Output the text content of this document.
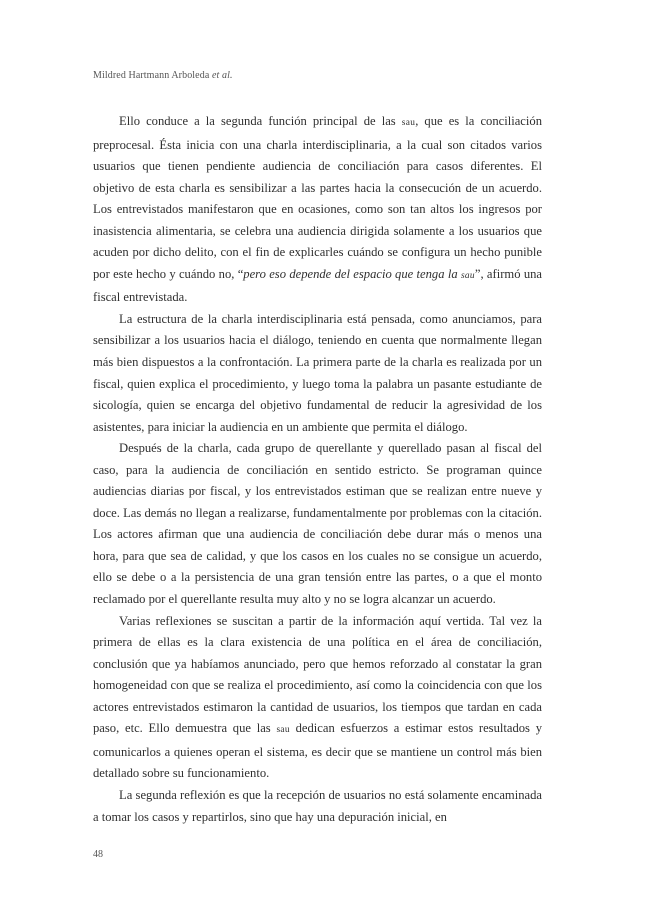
Mildred Hartmann Arboleda et al.

Ello conduce a la segunda función principal de las sau, que es la conciliación preprocesal. Ésta inicia con una charla interdisciplinaria, a la cual son citados varios usuarios que tienen pendiente audiencia de conciliación para casos diferentes. El objetivo de esta charla es sensibilizar a las partes hacia la consecución de un acuerdo. Los entrevistados manifestaron que en ocasiones, como son tan altos los ingresos por inasistencia alimentaria, se celebra una audiencia dirigida solamente a los usuarios que acuden por dicho delito, con el fin de explicarles cuándo se configura un hecho punible por este hecho y cuándo no, “pero eso depende del espacio que tenga la sau”, afirmó una fiscal entrevistada.

La estructura de la charla interdisciplinaria está pensada, como anunciamos, para sensibilizar a los usuarios hacia el diálogo, teniendo en cuenta que normalmente llegan más bien dispuestos a la confrontación. La primera parte de la charla es realizada por un fiscal, quien explica el procedimiento, y luego toma la palabra un pasante estudiante de sicología, quien se encarga del objetivo fundamental de reducir la agresividad de los asistentes, para iniciar la audiencia en un ambiente que permita el diálogo.

Después de la charla, cada grupo de querellante y querellado pasan al fiscal del caso, para la audiencia de conciliación en sentido estricto. Se programan quince audiencias diarias por fiscal, y los entrevistados estiman que se realizan entre nueve y doce. Las demás no llegan a realizarse, fundamentalmente por problemas con la citación. Los actores afirman que una audiencia de conciliación debe durar más o menos una hora, para que sea de calidad, y que los casos en los cuales no se consigue un acuerdo, ello se debe o a la persistencia de una gran tensión entre las partes, o a que el monto reclamado por el querellante resulta muy alto y no se logra alcanzar un acuerdo.

Varias reflexiones se suscitan a partir de la información aquí vertida. Tal vez la primera de ellas es la clara existencia de una política en el área de conciliación, conclusión que ya habíamos anunciado, pero que hemos reforzado al constatar la gran homogeneidad con que se realiza el procedimiento, así como la coincidencia con que los actores entrevistados estimaron la cantidad de usuarios, los tiempos que tardan en cada paso, etc. Ello demuestra que las sau dedican esfuerzos a estimar estos resultados y comunicarlos a quienes operan el sistema, es decir que se mantiene un control más bien detallado sobre su funcionamiento.

La segunda reflexión es que la recepción de usuarios no está solamente encaminada a tomar los casos y repartirlos, sino que hay una depuración inicial, en

48
